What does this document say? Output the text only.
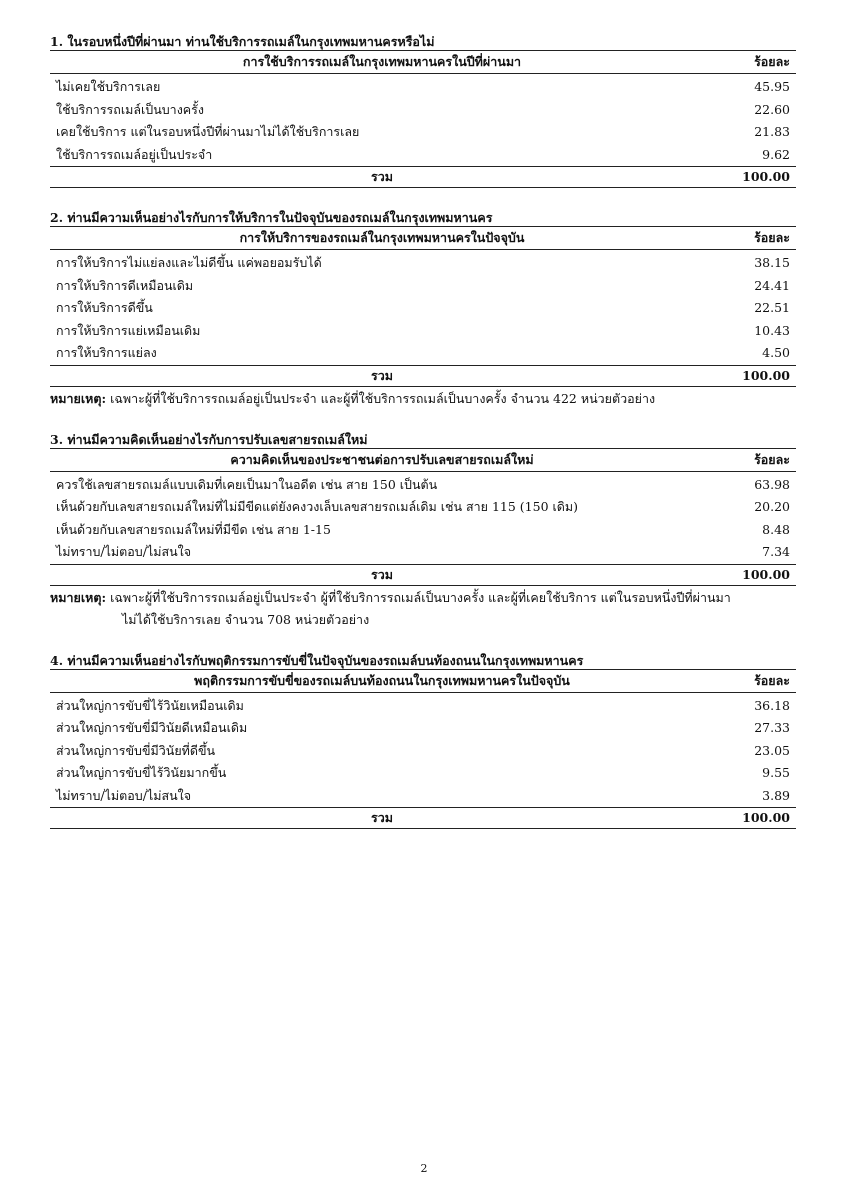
1. ในรอบหนึ่งปีที่ผ่านมา ท่านใช้บริการรถเมล์ในกรุงเทพมหานครหรือไม่
การใช้บริการรถเมล์ในกรุงเทพมหานครในปีที่ผ่านมา	ร้อยละ
ไม่เคยใช้บริการเลย	45.95
ใช้บริการรถเมล์เป็นบางครั้ง	22.60
เคยใช้บริการ แต่ในรอบหนึ่งปีที่ผ่านมาไม่ได้ใช้บริการเลย	21.83
ใช้บริการรถเมล์อยู่เป็นประจำ	9.62
รวม	100.00
2. ท่านมีความเห็นอย่างไรกับการให้บริการในปัจจุบันของรถเมล์ในกรุงเทพมหานคร
การให้บริการของรถเมล์ในกรุงเทพมหานครในปัจจุบัน	ร้อยละ
การให้บริการไม่แย่ลงและไม่ดีขึ้น แค่พอยอมรับได้	38.15
การให้บริการดีเหมือนเดิม	24.41
การให้บริการดีขึ้น	22.51
การให้บริการแย่เหมือนเดิม	10.43
การให้บริการแย่ลง	4.50
รวม	100.00
หมายเหตุ: เฉพาะผู้ที่ใช้บริการรถเมล์อยู่เป็นประจำ และผู้ที่ใช้บริการรถเมล์เป็นบางครั้ง จำนวน 422 หน่วยตัวอย่าง
3. ท่านมีความคิดเห็นอย่างไรกับการปรับเลขสายรถเมล์ใหม่
ความคิดเห็นของประชาชนต่อการปรับเลขสายรถเมล์ใหม่	ร้อยละ
ควรใช้เลขสายรถเมล์แบบเดิมที่เคยเป็นมาในอดีต เช่น สาย 150 เป็นต้น	63.98
เห็นด้วยกับเลขสายรถเมล์ใหม่ที่ไม่มีขีดแต่ยังคงวงเล็บเลขสายรถเมล์เดิม เช่น สาย 115 (150 เดิม)	20.20
เห็นด้วยกับเลขสายรถเมล์ใหม่ที่มีขีด เช่น สาย 1-15	8.48
ไม่ทราบ/ไม่ตอบ/ไม่สนใจ	7.34
รวม	100.00
หมายเหตุ: เฉพาะผู้ที่ใช้บริการรถเมล์อยู่เป็นประจำ ผู้ที่ใช้บริการรถเมล์เป็นบางครั้ง และผู้ที่เคยใช้บริการ แต่ในรอบหนึ่งปีที่ผ่านมา
ไม่ได้ใช้บริการเลย จำนวน 708 หน่วยตัวอย่าง
4. ท่านมีความเห็นอย่างไรกับพฤติกรรมการขับขี่ในปัจจุบันของรถเมล์บนท้องถนนในกรุงเทพมหานคร
พฤติกรรมการขับขี่ของรถเมล์บนท้องถนนในกรุงเทพมหานครในปัจจุบัน	ร้อยละ
ส่วนใหญ่การขับขี่ไร้วินัยเหมือนเดิม	36.18
ส่วนใหญ่การขับขี่มีวินัยดีเหมือนเดิม	27.33
ส่วนใหญ่การขับขี่มีวินัยที่ดีขึ้น	23.05
ส่วนใหญ่การขับขี่ไร้วินัยมากขึ้น	9.55
ไม่ทราบ/ไม่ตอบ/ไม่สนใจ	3.89
รวม	100.00
2
